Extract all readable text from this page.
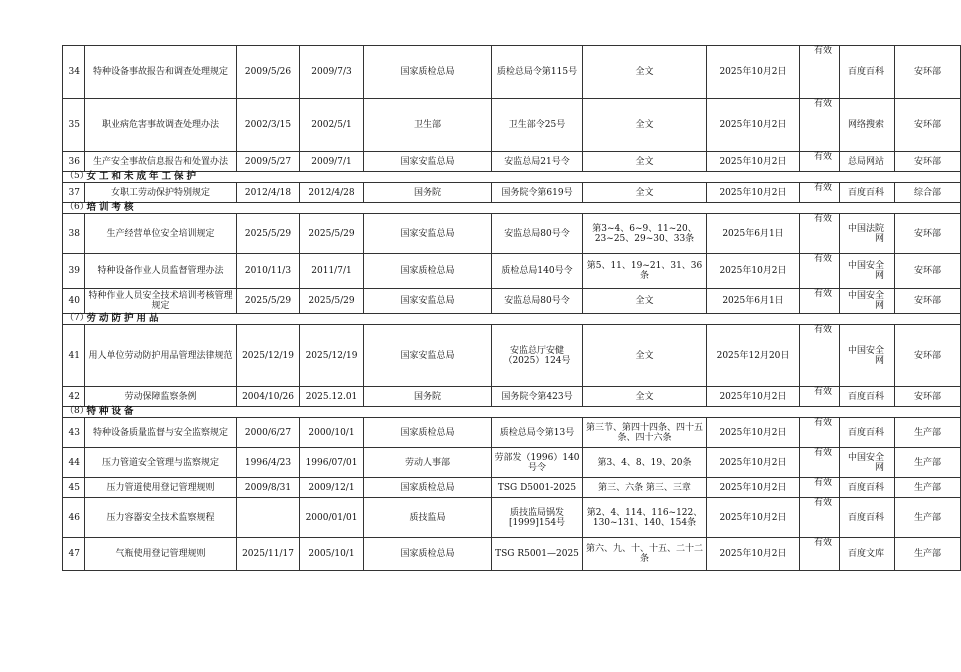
34	特种设备事故报告和调查处理规定	2009/5/26	2009/7/3	国家质检总局	质检总局令第115号	全文	2025年10月2日	有效	百度百科	安环部
35	职业病危害事故调查处理办法	2002/3/15	2002/5/1	卫生部	卫生部令25号	全文	2025年10月2日	有效	网络搜索	安环部
36	生产安全事故信息报告和处置办法	2009/5/27	2009/7/1	国家安监总局	安监总局21号令	全文	2025年10月2日	有效	总局网站	安环部
（5）	女工和未成年工保护									
37	女职工劳动保护特别规定	2012/4/18	2012/4/28	国务院	国务院令第619号	全文	2025年10月2日	有效	百度百科	综合部
（6）	培训考核									
38	生产经营单位安全培训规定	2025/5/29	2025/5/29	国家安监总局	安监总局80号令	第3~4、6~9、11~20、23~25、29~30、33条	2025年6月1日	有效	中国法院网	安环部
39	特种设备作业人员监督管理办法	2010/11/3	2011/7/1	国家质检总局	质检总局140号令	第5、11、19~21、31、36条	2025年10月2日	有效	中国安全网	安环部
40	特种作业人员安全技术培训考核管理规定	2025/5/29	2025/5/29	国家安监总局	安监总局80号令	全文	2025年6月1日	有效	中国安全网	安环部
（7）	劳动防护用品									
41	用人单位劳动防护用品管理法律规范	2025/12/19	2025/12/19	国家安监总局	安监总厅安健（2025）124号	全文	2025年12月20日	有效	中国安全网	安环部
42	劳动保障监察条例	2004/10/26	2025.12.01	国务院	国务院令第423号	全文	2025年10月2日	有效	百度百科	安环部
（8）	特种设备									
43	特种设备质量监督与安全监察规定	2000/6/27	2000/10/1	国家质检总局	质检总局令第13号	第三节、第四十四条、四十五条、四十六条	2025年10月2日	有效	百度百科	生产部
44	压力管道安全管理与监察规定	1996/4/23	1996/07/01	劳动人事部	劳部发（1996）140号令	第3、4、8、19、20条	2025年10月2日	有效	中国安全网	生产部
45	压力管道使用登记管理规则	2009/8/31	2009/12/1	国家质检总局	TSG D5001-2025	第三、六条 第三、三章	2025年10月2日	有效	百度百科	生产部
46	压力容器安全技术监察规程		2000/01/01	质技监局	质技监局锅发[1999]154号	第2、4、114、116~122、130~131、140、154条	2025年10月2日	有效	百度百科	生产部
47	气瓶使用登记管理规则	2025/11/17	2005/10/1	国家质检总局	TSG R5001—2025	第六、九、十、十五、二十二条	2025年10月2日	有效	百度文库	生产部
